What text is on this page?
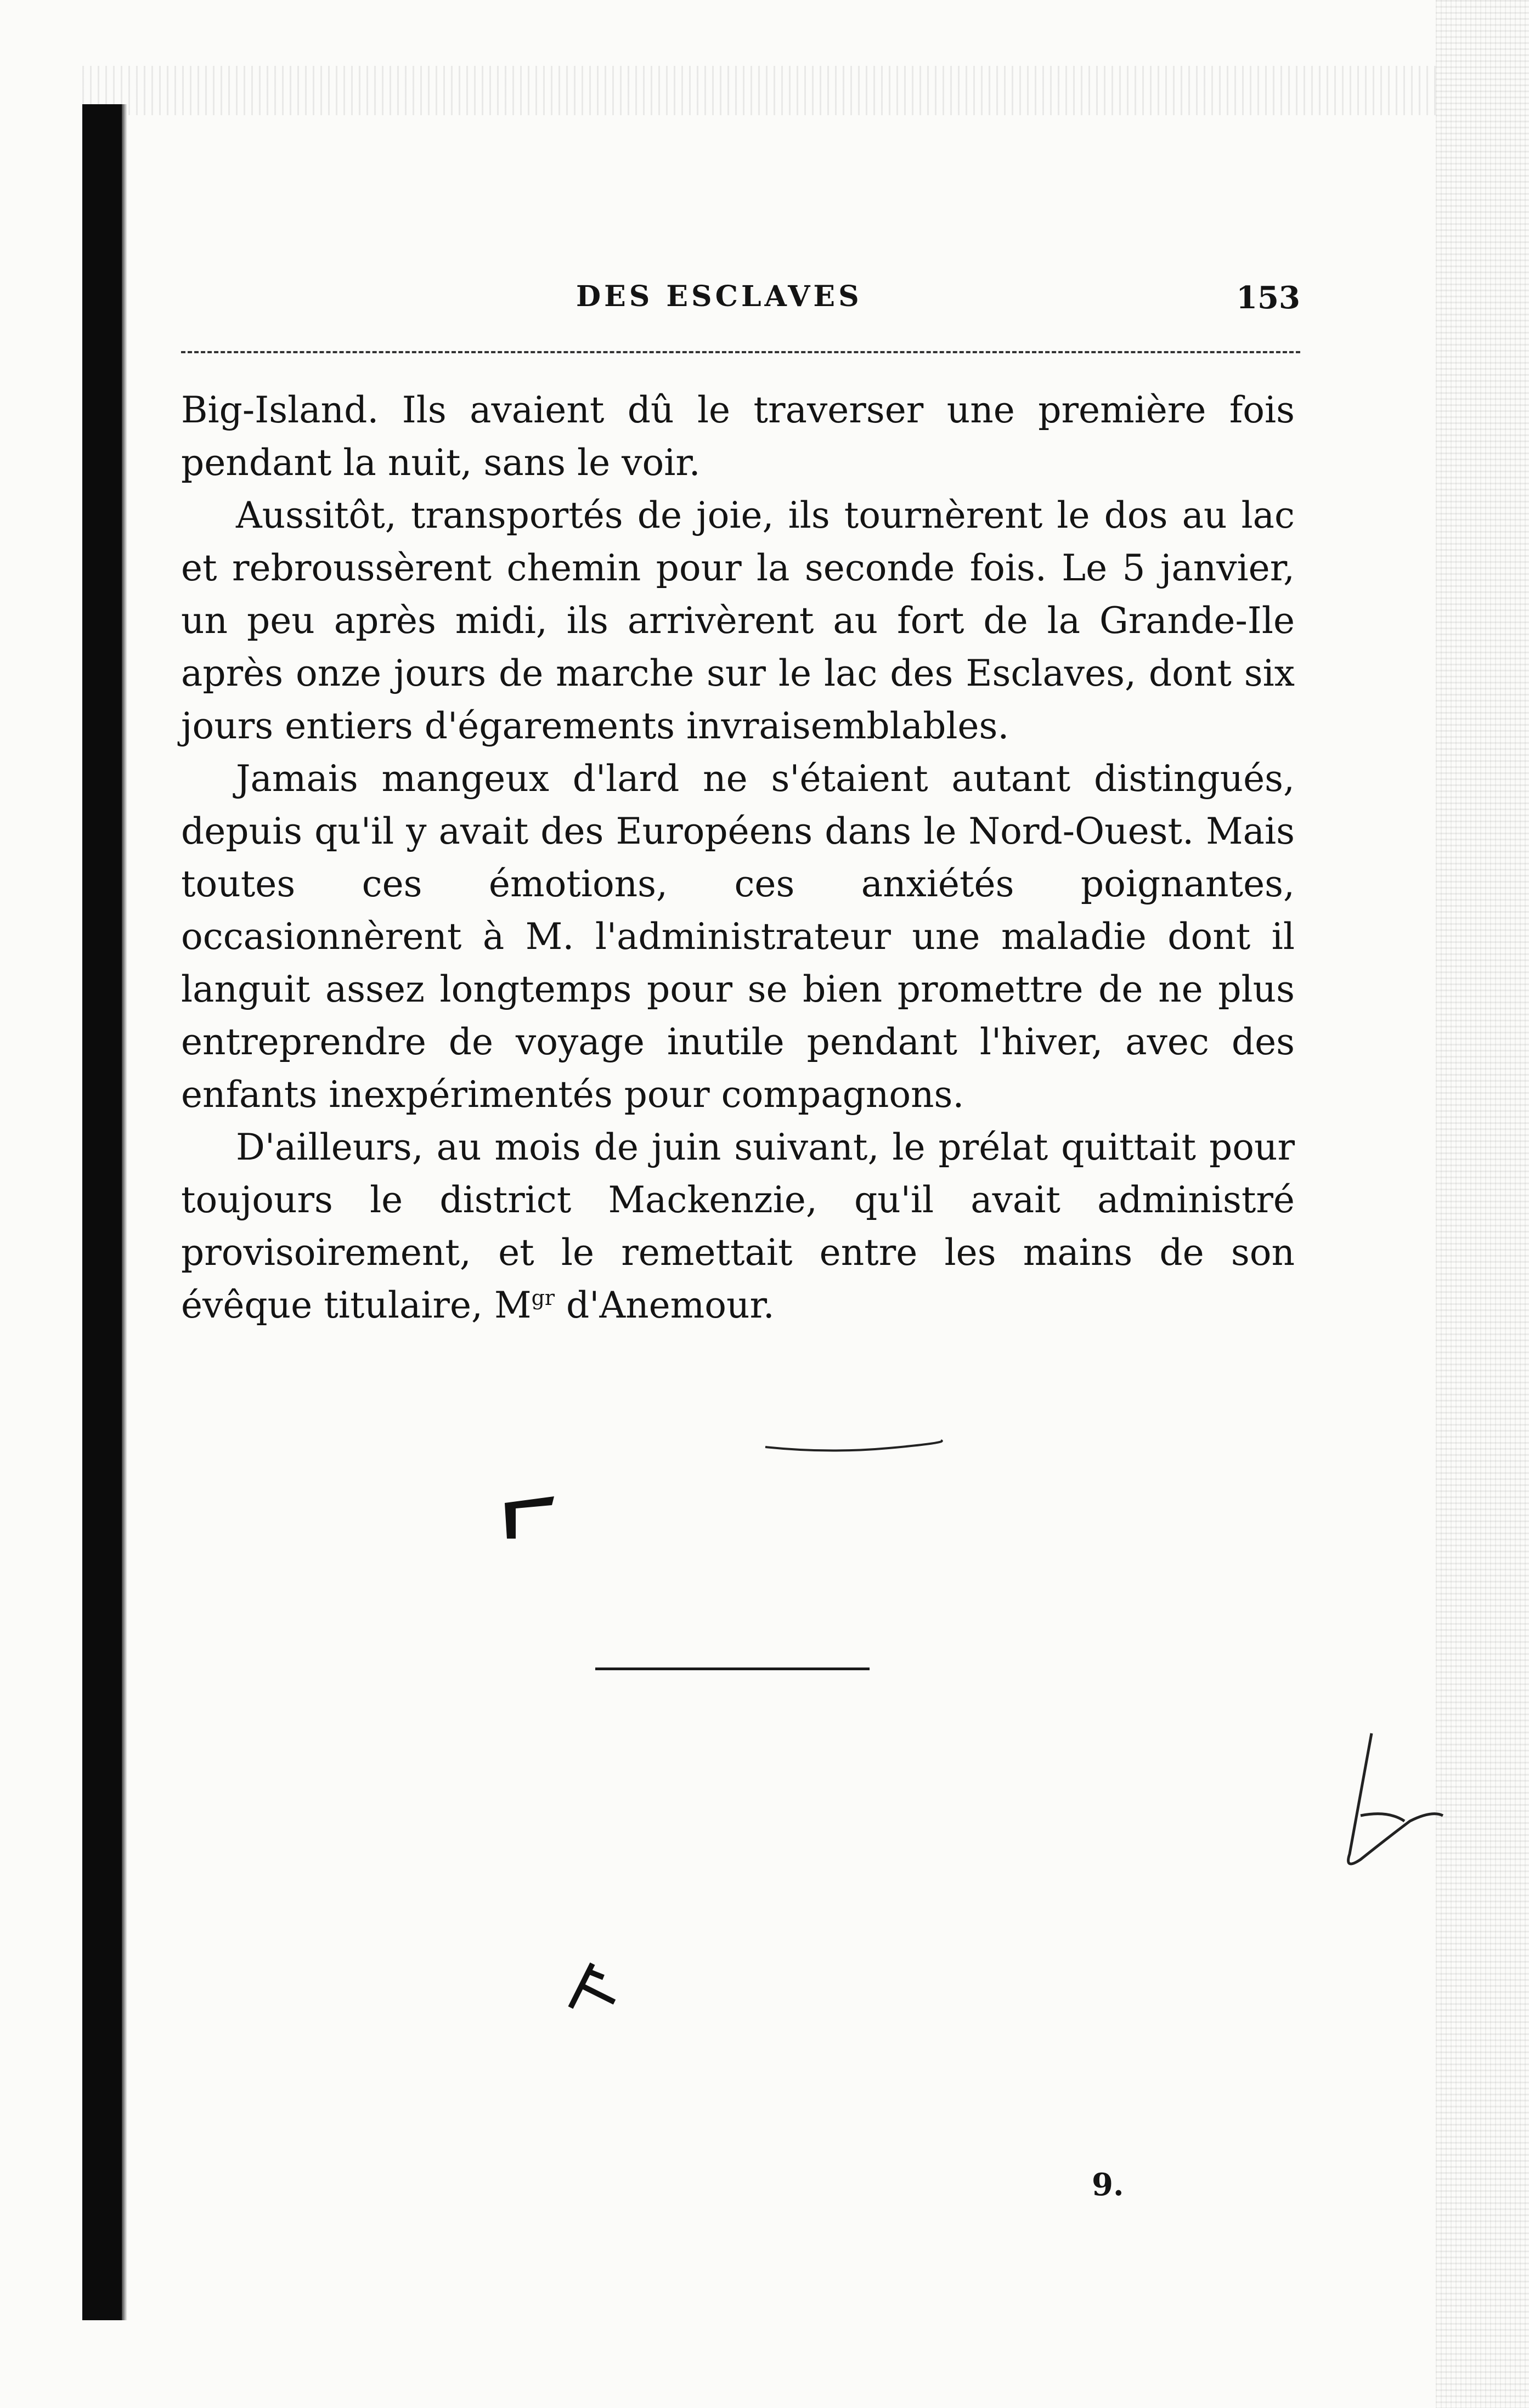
DES ESCLAVES	153

Big-Island. Ils avaient dû le traverser une première fois pendant la nuit, sans le voir.

Aussitôt, transportés de joie, ils tournèrent le dos au lac et rebroussèrent chemin pour la seconde fois. Le 5 janvier, un peu après midi, ils arrivèrent au fort de la Grande-Ile après onze jours de marche sur le lac des Esclaves, dont six jours entiers d'égarements invraisemblables.

Jamais mangeux d'lard ne s'étaient autant distingués, depuis qu'il y avait des Européens dans le Nord-Ouest. Mais toutes ces émotions, ces anxiétés poignantes, occasionnèrent à M. l'administrateur une maladie dont il languit assez longtemps pour se bien promettre de ne plus entreprendre de voyage inutile pendant l'hiver, avec des enfants inexpérimentés pour compagnons.

D'ailleurs, au mois de juin suivant, le prélat quittait pour toujours le district Mackenzie, qu'il avait administré provisoirement, et le remettait entre les mains de son évêque titulaire, $M^{gr}$ d'Anemour.

9.
